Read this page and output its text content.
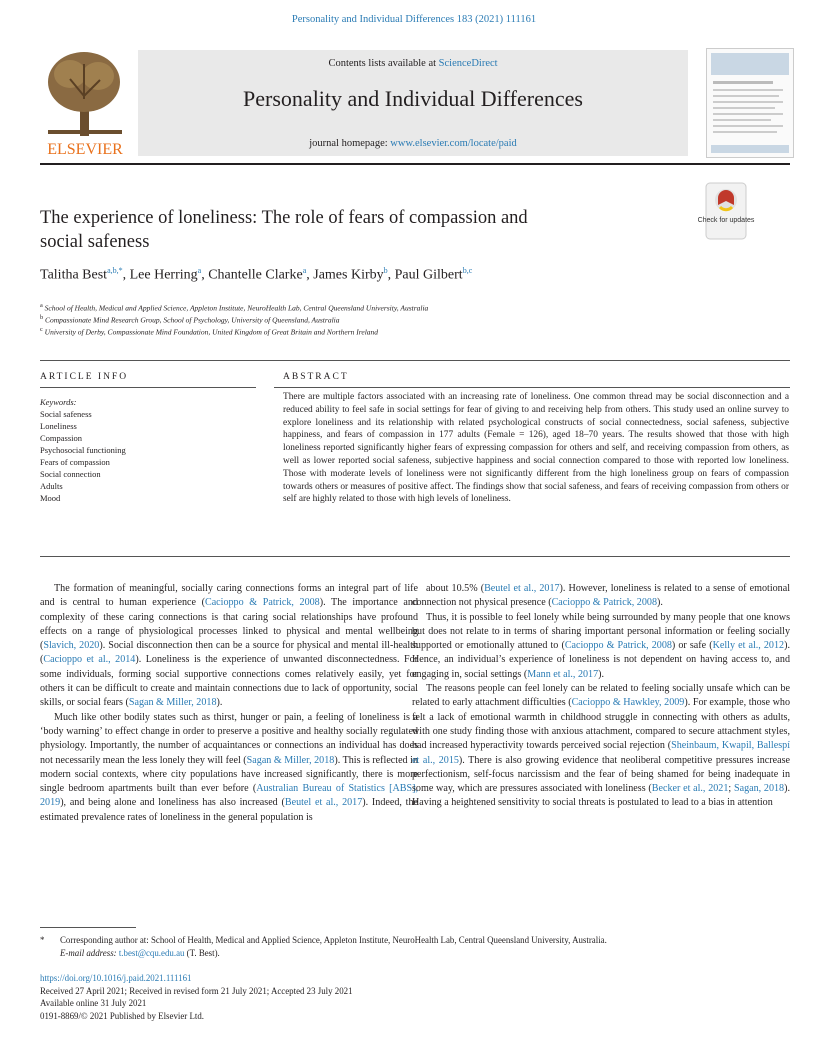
Personality and Individual Differences 183 (2021) 111161
ELSEVIER
Contents lists available at ScienceDirect
Personality and Individual Differences
journal homepage: www.elsevier.com/locate/paid
Check for updates
The experience of loneliness: The role of fears of compassion and
social safeness
Talitha Best$^{a,b,*}$, Lee Herring$^a$, Chantelle Clarke$^a$, James Kirby$^b$, Paul Gilbert$^{b,c}$
$^a$ School of Health, Medical and Applied Science, Appleton Institute, NeuroHealth Lab, Central Queensland University, Australia
$^b$ Compassionate Mind Research Group, School of Psychology, University of Queensland, Australia
$^c$ University of Derby, Compassionate Mind Foundation, United Kingdom of Great Britain and Northern Ireland
ARTICLE INFO	ABSTRACT
Keywords:
Social safeness
Loneliness
Compassion
Psychosocial functioning
Fears of compassion
Social connection
Adults
Mood
There are multiple factors associated with an increasing rate of loneliness. One common thread may be social disconnection and a reduced ability to feel safe in social settings for fear of giving to and receiving help from others. This study used an online survey to explore loneliness and its relationship with related psychological constructs of social connectedness, social safeness, subjective happiness, and fears of compassion in 177 adults (Female = 126), aged 18–70 years. The results showed that those with high loneliness reported significantly higher fears of expressing compassion for others and self, and receiving compassion from others, as well as lower reported social safeness, subjective happiness and social connection compared to those with reported low loneliness. Those with moderate levels of loneliness were not significantly different from the high loneliness group on fears of compassion towards others or measures of positive affect. The findings show that social safeness, and fears of receiving compassion from others or self are highly related to those with high levels of loneliness.

The formation of meaningful, socially caring connections forms an integral part of life and is central to human experience (Cacioppo & Patrick, 2008). The importance and complexity of these caring connections is that caring social relationships have profound effects on a range of physiological processes linked to physical and mental wellbeing (Slavich, 2020). Social disconnection then can be a source for physical and mental ill-health (Cacioppo et al., 2014). Loneliness is the experience of unwanted disconnectedness. For some individuals, forming social supportive connections comes relatively easily, yet for others it can be difficult to create and maintain connections due to lack of opportunity, social skills, or social fears (Sagan & Miller, 2018).

Much like other bodily states such as thirst, hunger or pain, a feeling of loneliness is a ‘body warning’ to effect change in order to preserve a positive and healthy socially regulated physiology. Importantly, the number of acquaintances or connections an individual has does not necessarily mean the less lonely they will feel (Sagan & Miller, 2018). This is reflected in modern social contexts, where city populations have increased significantly, there is more single bedroom apartments built than ever before (Australian Bureau of Statistics [ABS], 2019), and being alone and loneliness has also increased (Beutel et al., 2017). Indeed, the estimated prevalence rates of loneliness in the general population is

about 10.5% (Beutel et al., 2017). However, loneliness is related to a sense of emotional connection not physical presence (Cacioppo & Patrick, 2008).

Thus, it is possible to feel lonely while being surrounded by many people that one knows but does not relate to in terms of sharing important personal information or feeling socially supported or emotionally attuned to (Cacioppo & Patrick, 2008) or safe (Kelly et al., 2012). Hence, an individual’s experience of loneliness is not dependent on having access to, and engaging in, social settings (Mann et al., 2017).

The reasons people can feel lonely can be related to feeling socially unsafe which can be related to early attachment difficulties (Cacioppo & Hawkley, 2009). For example, those who felt a lack of emotional warmth in childhood struggle in connecting with others as adults, with one study finding those with anxious attachment, compared to secure attachment styles, had increased hyperactivity towards perceived social rejection (Sheinbaum, Kwapil, Ballespí et al., 2015). There is also growing evidence that neoliberal competitive pressures increase perfectionism, self-focus narcissism and the fear of being shamed for being inadequate in some way, which are pressures associated with loneliness (Becker et al., 2021; Sagan, 2018). Having a heightened sensitivity to social threats is postulated to lead to a bias in attention

* Corresponding author at: School of Health, Medical and Applied Science, Appleton Institute, NeuroHealth Lab, Central Queensland University, Australia.
E-mail address: t.best@cqu.edu.au (T. Best).
https://doi.org/10.1016/j.paid.2021.111161
Received 27 April 2021; Received in revised form 21 July 2021; Accepted 23 July 2021
Available online 31 July 2021
0191-8869/© 2021 Published by Elsevier Ltd.
